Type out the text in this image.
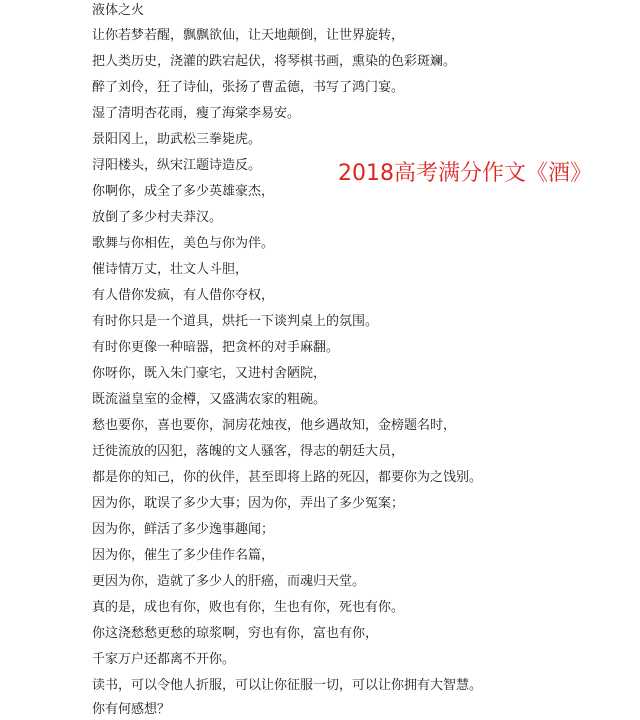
液体之火
让你若梦若醒，飘飘欲仙，让天地颠倒，让世界旋转，
把人类历史，浇灌的跌宕起伏，将琴棋书画，熏染的色彩斑斓。
醉了刘伶，狂了诗仙，张扬了曹孟德，书写了鸿门宴。
湿了清明杏花雨，瘦了海棠李易安。
景阳冈上，助武松三拳毙虎。
浔阳楼头，纵宋江题诗造反。
你啊你，成全了多少英雄豪杰，
放倒了多少村夫莽汉。
歌舞与你相佐，美色与你为伴。
催诗情万丈，壮文人斗胆，
有人借你发疯，有人借你夺权，
有时你只是一个道具，烘托一下谈判桌上的氛围。
有时你更像一种暗器，把贪杯的对手麻翻。
你呀你，既入朱门豪宅，又进村舍陋院，
既流溢皇室的金樽，又盛满农家的粗碗。
愁也要你，喜也要你，洞房花烛夜，他乡遇故知，金榜题名时，
迁徙流放的囚犯，落魄的文人骚客，得志的朝廷大员，
都是你的知己，你的伙伴，甚至即将上路的死囚，都要你为之饯别。
因为你，耽误了多少大事；因为你，弄出了多少冤案；
因为你，鲜活了多少逸事趣闻；
因为你，催生了多少佳作名篇，
更因为你，造就了多少人的肝癌，而魂归天堂。
真的是，成也有你，败也有你，生也有你，死也有你。
你这浇愁愁更愁的琼浆啊，穷也有你，富也有你，
千家万户还都离不开你。
读书，可以令他人折服，可以让你征服一切，可以让你拥有大智慧。
你有何感想？
2018高考满分作文《酒》
